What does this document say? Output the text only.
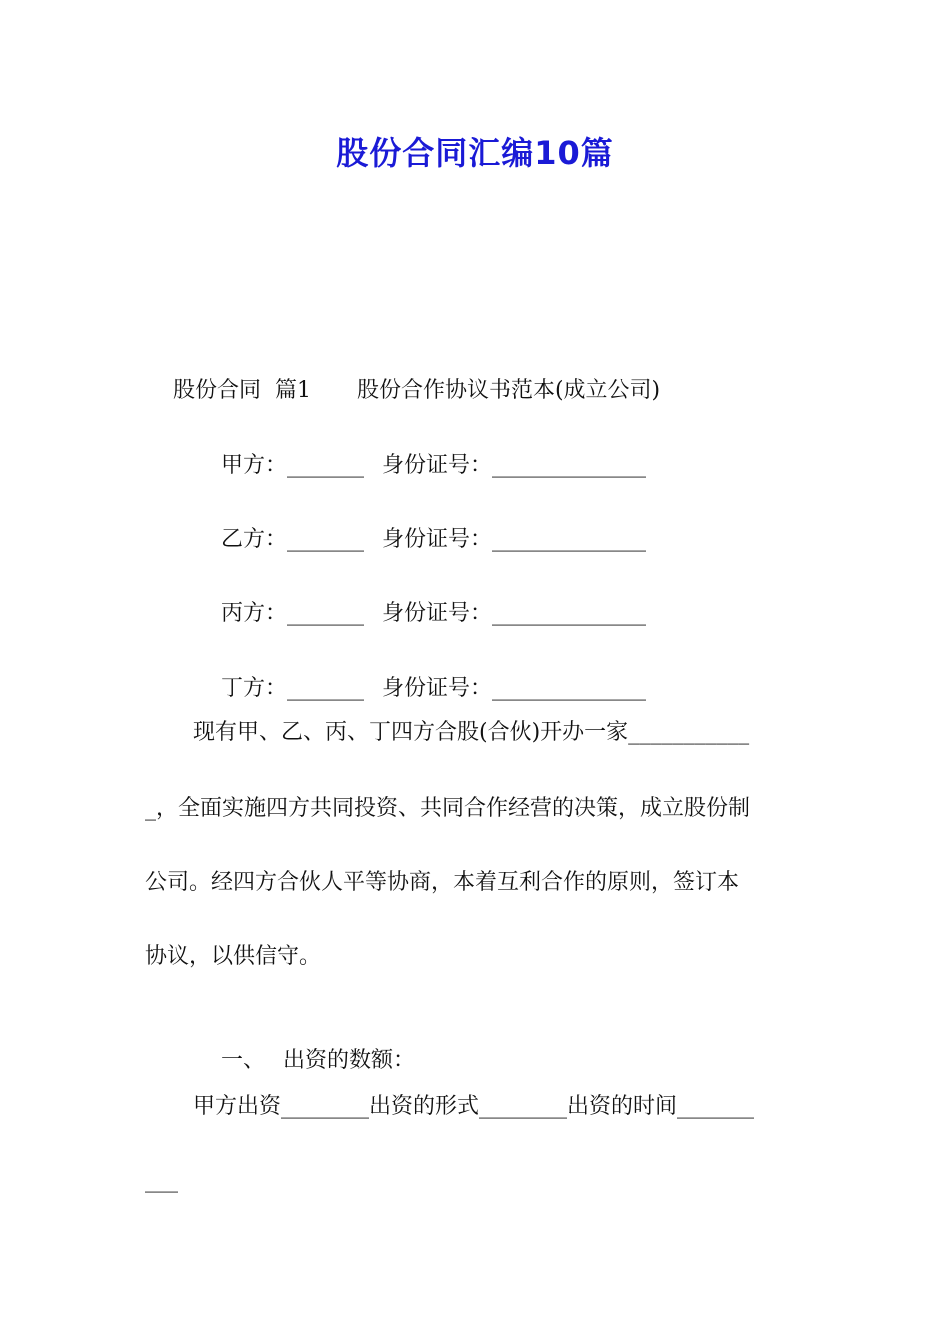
股份合同汇编10篇

股份合同  篇1 股份合作协议书范本(成立公司)

甲方：_______ 身份证号：______________

乙方：_______ 身份证号：______________

丙方：_______ 身份证号：______________

丁方：_______ 身份证号：______________

现有甲、乙、丙、丁四方合股(合伙)开办一家___________
_，全面实施四方共同投资、共同合作经营的决策，成立股份制
公司。经四方合伙人平等协商，本着互利合作的原则，签订本
协议，以供信守。

一、 出资的数额：

甲方出资________出资的形式________出资的时间_______
___
